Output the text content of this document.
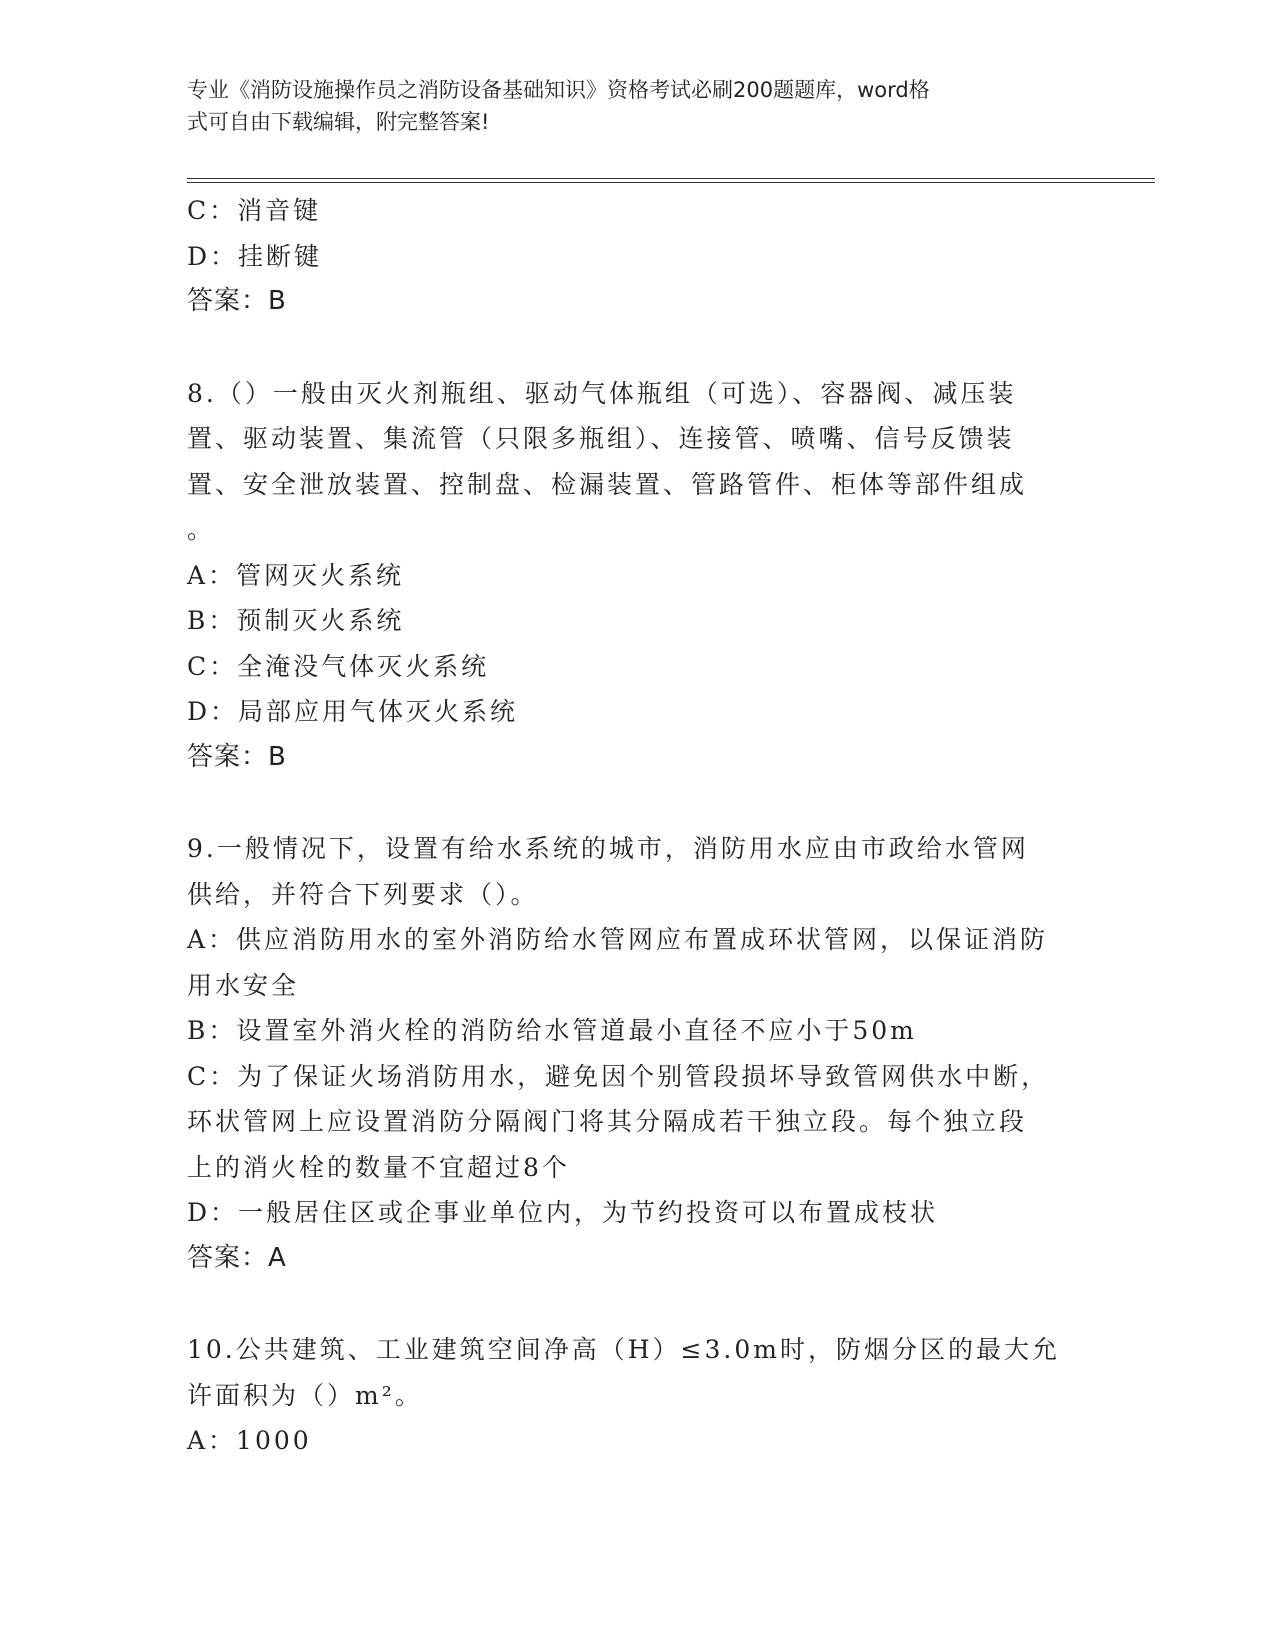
专业《消防设施操作员之消防设备基础知识》资格考试必刷200题题库，word格
式可自由下载编辑，附完整答案!

C：消音键

D：挂断键

答案：B

8.（）一般由灭火剂瓶组、驱动气体瓶组（可选）、容器阀、减压装

置、驱动装置、集流管（只限多瓶组）、连接管、喷嘴、信号反馈装

置、安全泄放装置、控制盘、检漏装置、管路管件、柜体等部件组成

。

A：管网灭火系统

B：预制灭火系统

C：全淹没气体灭火系统

D：局部应用气体灭火系统

答案：B

9.一般情况下，设置有给水系统的城市，消防用水应由市政给水管网

供给，并符合下列要求（）。

A：供应消防用水的室外消防给水管网应布置成环状管网，以保证消防

用水安全

B：设置室外消火栓的消防给水管道最小直径不应小于50m

C：为了保证火场消防用水，避免因个别管段损坏导致管网供水中断，

环状管网上应设置消防分隔阀门将其分隔成若干独立段。每个独立段

上的消火栓的数量不宜超过8个

D：一般居住区或企事业单位内，为节约投资可以布置成枝状

答案：A

10.公共建筑、工业建筑空间净高（H）≤3.0m时，防烟分区的最大允

许面积为（）m²。

A：1000
